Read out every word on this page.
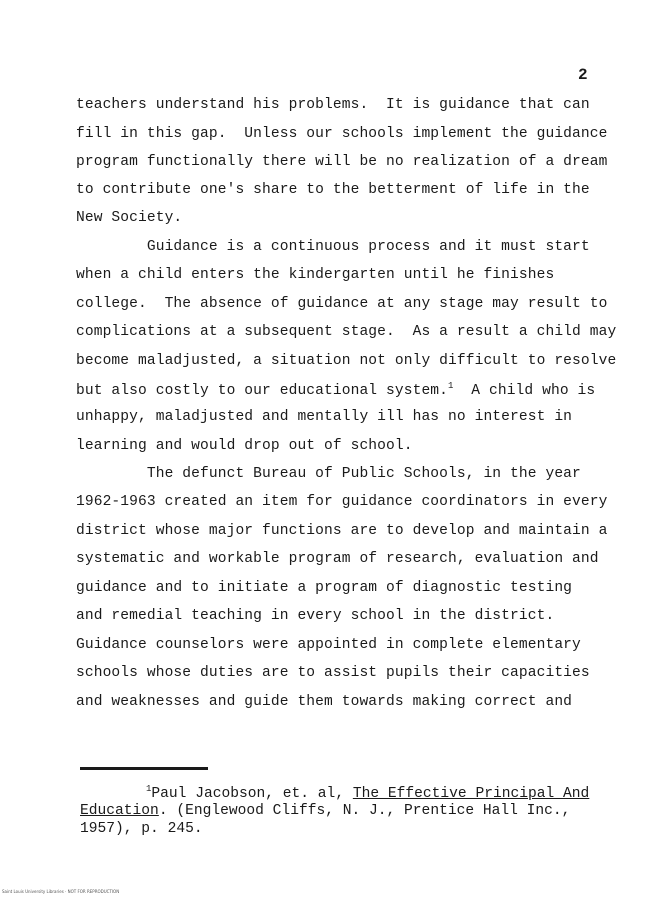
2
teachers understand his problems.  It is guidance that can
fill in this gap.  Unless our schools implement the guidance
program functionally there will be no realization of a dream
to contribute one's share to the betterment of life in the
New Society.
Guidance is a continuous process and it must start
when a child enters the kindergarten until he finishes
college.  The absence of guidance at any stage may result to
complications at a subsequent stage.  As a result a child may
become maladjusted, a situation not only difficult to resolve
but also costly to our educational system.$^1$  A child who is
unhappy, maladjusted and mentally ill has no interest in
learning and would drop out of school.
The defunct Bureau of Public Schools, in the year
1962-1963 created an item for guidance coordinators in every
district whose major functions are to develop and maintain a
systematic and workable program of research, evaluation and
guidance and to initiate a program of diagnostic testing
and remedial teaching in every school in the district.
Guidance counselors were appointed in complete elementary
schools whose duties are to assist pupils their capacities
and weaknesses and guide them towards making correct and
$^1$Paul Jacobson, et. al, The Effective Principal And
Education. (Englewood Cliffs, N. J., Prentice Hall Inc.,
1957), p. 245.
Saint Louis University Libraries · NOT FOR REPRODUCTION
